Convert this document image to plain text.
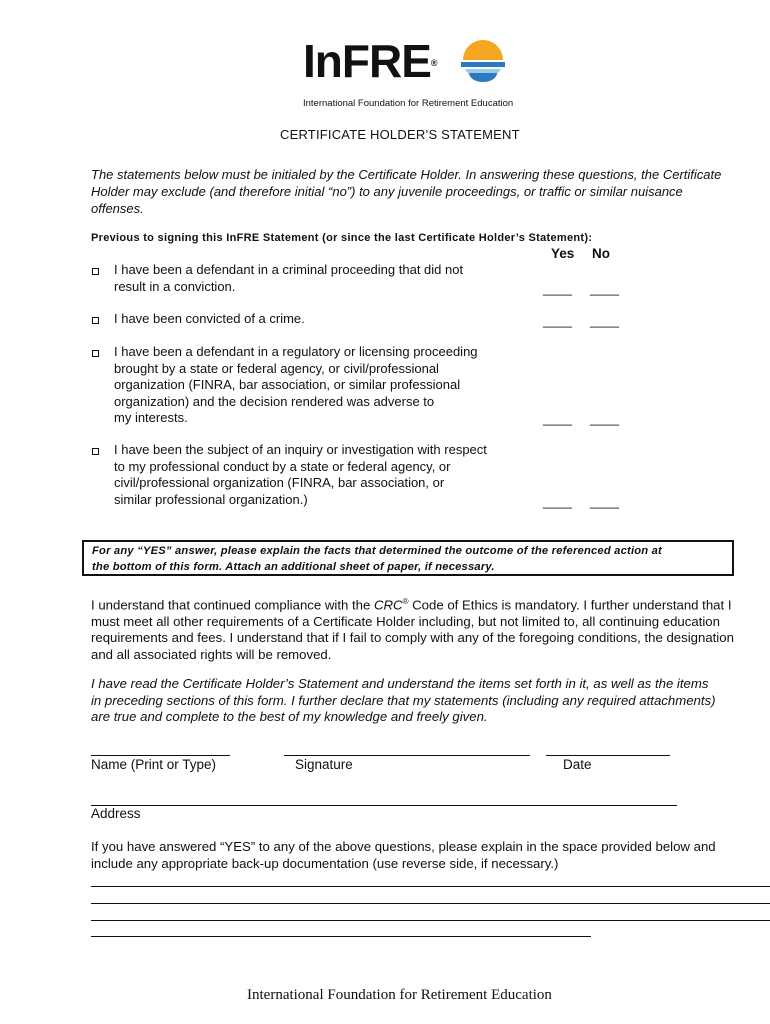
InFRE®
International Foundation for Retirement Education
CERTIFICATE HOLDER’S STATEMENT
The statements below must be initialed by the Certificate Holder. In answering these questions, the Certificate Holder may exclude (and therefore initial “no”) to any juvenile proceedings, or traffic or similar nuisance offenses.
Previous to signing this InFRE Statement (or since the last Certificate Holder’s Statement):
Yes No
I have been a defendant in a criminal proceeding that did not
result in a conviction.	____ ____
I have been convicted of a crime.	____ ____
I have been a defendant in a regulatory or licensing proceeding
brought by a state or federal agency, or civil/professional
organization (FINRA, bar association, or similar professional
organization) and the decision rendered was adverse to
my interests.	____ ____
I have been the subject of an inquiry or investigation with respect
to my professional conduct by a state or federal agency, or
civil/professional organization (FINRA, bar association, or
similar professional organization.)	____ ____
For any “YES” answer, please explain the facts that determined the outcome of the referenced action at
the bottom of this form. Attach an additional sheet of paper, if necessary.
I understand that continued compliance with the CRC® Code of Ethics is mandatory. I further understand that I must meet all other requirements of a Certificate Holder including, but not limited to, all continuing education requirements and fees. I understand that if I fail to comply with any of the foregoing conditions, the designation and all associated rights will be removed.
I have read the Certificate Holder’s Statement and understand the items set forth in it, as well as the items in preceding sections of this form. I further declare that my statements (including any required attachments) are true and complete to the best of my knowledge and freely given.
Name (Print or Type)	Signature	Date
Address
If you have answered “YES” to any of the above questions, please explain in the space provided below and include any appropriate back-up documentation (use reverse side, if necessary.)
International Foundation for Retirement Education
